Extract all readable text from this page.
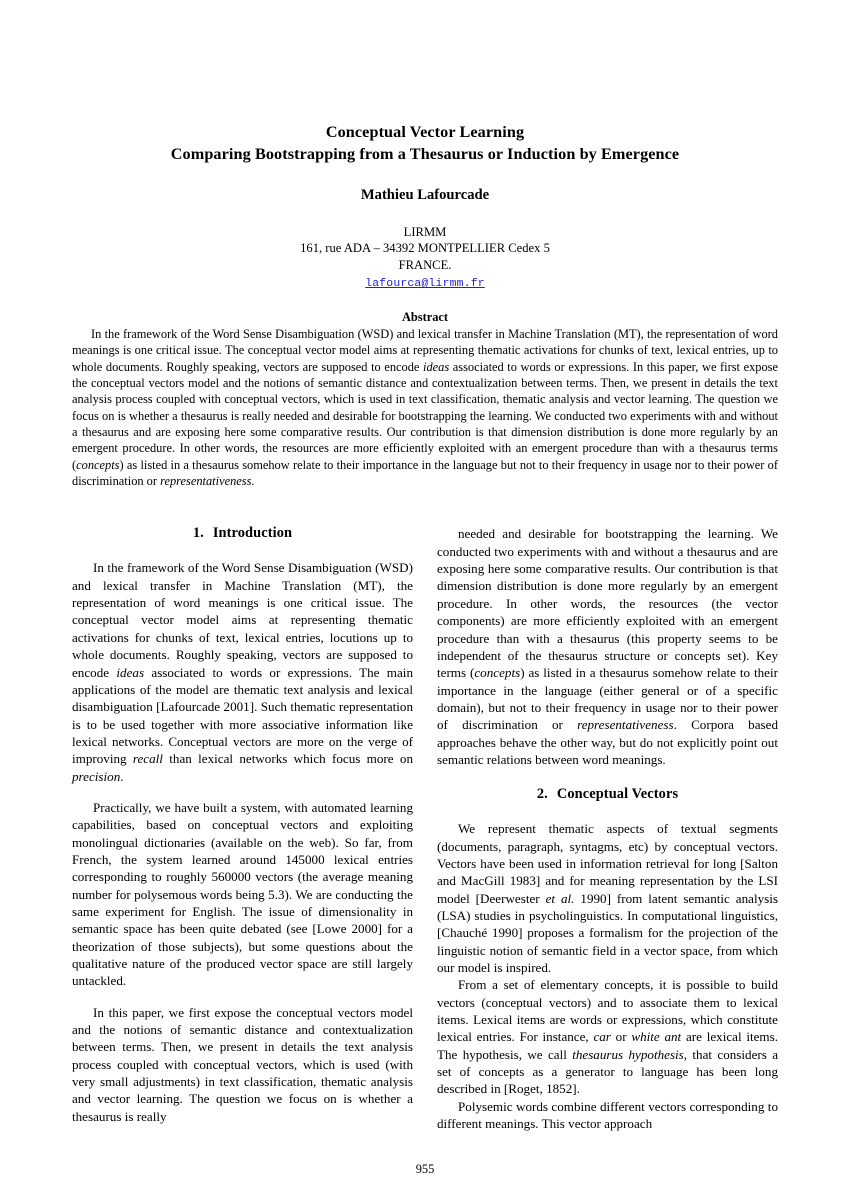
Conceptual Vector Learning
Comparing Bootstrapping from a Thesaurus or Induction by Emergence
Mathieu Lafourcade
LIRMM
161, rue ADA – 34392 MONTPELLIER Cedex 5
FRANCE.
lafourca@lirmm.fr
Abstract
In the framework of the Word Sense Disambiguation (WSD) and lexical transfer in Machine Translation (MT), the representation of word meanings is one critical issue. The conceptual vector model aims at representing thematic activations for chunks of text, lexical entries, up to whole documents. Roughly speaking, vectors are supposed to encode ideas associated to words or expressions. In this paper, we first expose the conceptual vectors model and the notions of semantic distance and contextualization between terms. Then, we present in details the text analysis process coupled with conceptual vectors, which is used in text classification, thematic analysis and vector learning. The question we focus on is whether a thesaurus is really needed and desirable for bootstrapping the learning. We conducted two experiments with and without a thesaurus and are exposing here some comparative results. Our contribution is that dimension distribution is done more regularly by an emergent procedure. In other words, the resources are more efficiently exploited with an emergent procedure than with a thesaurus terms (concepts) as listed in a thesaurus somehow relate to their importance in the language but not to their frequency in usage nor to their power of discrimination or representativeness.
1. Introduction

In the framework of the Word Sense Disambiguation (WSD) and lexical transfer in Machine Translation (MT), the representation of word meanings is one critical issue. The conceptual vector model aims at representing thematic activations for chunks of text, lexical entries, locutions up to whole documents. Roughly speaking, vectors are supposed to encode ideas associated to words or expressions. The main applications of the model are thematic text analysis and lexical disambiguation [Lafourcade 2001]. Such thematic representation is to be used together with more associative information like lexical networks. Conceptual vectors are more on the verge of improving recall than lexical networks which focus more on precision.

Practically, we have built a system, with automated learning capabilities, based on conceptual vectors and exploiting monolingual dictionaries (available on the web). So far, from French, the system learned around 145000 lexical entries corresponding to roughly 560000 vectors (the average meaning number for polysemous words being 5.3). We are conducting the same experiment for English. The issue of dimensionality in semantic space has been quite debated (see [Lowe 2000] for a theorization of those subjects), but some questions about the qualitative nature of the produced vector space are still largely untackled.

In this paper, we first expose the conceptual vectors model and the notions of semantic distance and contextualization between terms. Then, we present in details the text analysis process coupled with conceptual vectors, which is used (with very small adjustments) in text classification, thematic analysis and vector learning. The question we focus on is whether a thesaurus is really

needed and desirable for bootstrapping the learning. We conducted two experiments with and without a thesaurus and are exposing here some comparative results. Our contribution is that dimension distribution is done more regularly by an emergent procedure. In other words, the resources (the vector components) are more efficiently exploited with an emergent procedure than with a thesaurus (this property seems to be independent of the thesaurus structure or concepts set). Key terms (concepts) as listed in a thesaurus somehow relate to their importance in the language (either general or of a specific domain), but not to their frequency in usage nor to their power of discrimination or representativeness. Corpora based approaches behave the other way, but do not explicitly point out semantic relations between word meanings.

2. Conceptual Vectors

We represent thematic aspects of textual segments (documents, paragraph, syntagms, etc) by conceptual vectors. Vectors have been used in information retrieval for long [Salton and MacGill 1983] and for meaning representation by the LSI model [Deerwester et al. 1990] from latent semantic analysis (LSA) studies in psycholinguistics. In computational linguistics, [Chauché 1990] proposes a formalism for the projection of the linguistic notion of semantic field in a vector space, from which our model is inspired.

From a set of elementary concepts, it is possible to build vectors (conceptual vectors) and to associate them to lexical items. Lexical items are words or expressions, which constitute lexical entries. For instance, car or white ant are lexical items. The hypothesis, we call thesaurus hypothesis, that considers a set of concepts as a generator to language has been long described in [Roget, 1852].

Polysemic words combine different vectors corresponding to different meanings. This vector approach

955
